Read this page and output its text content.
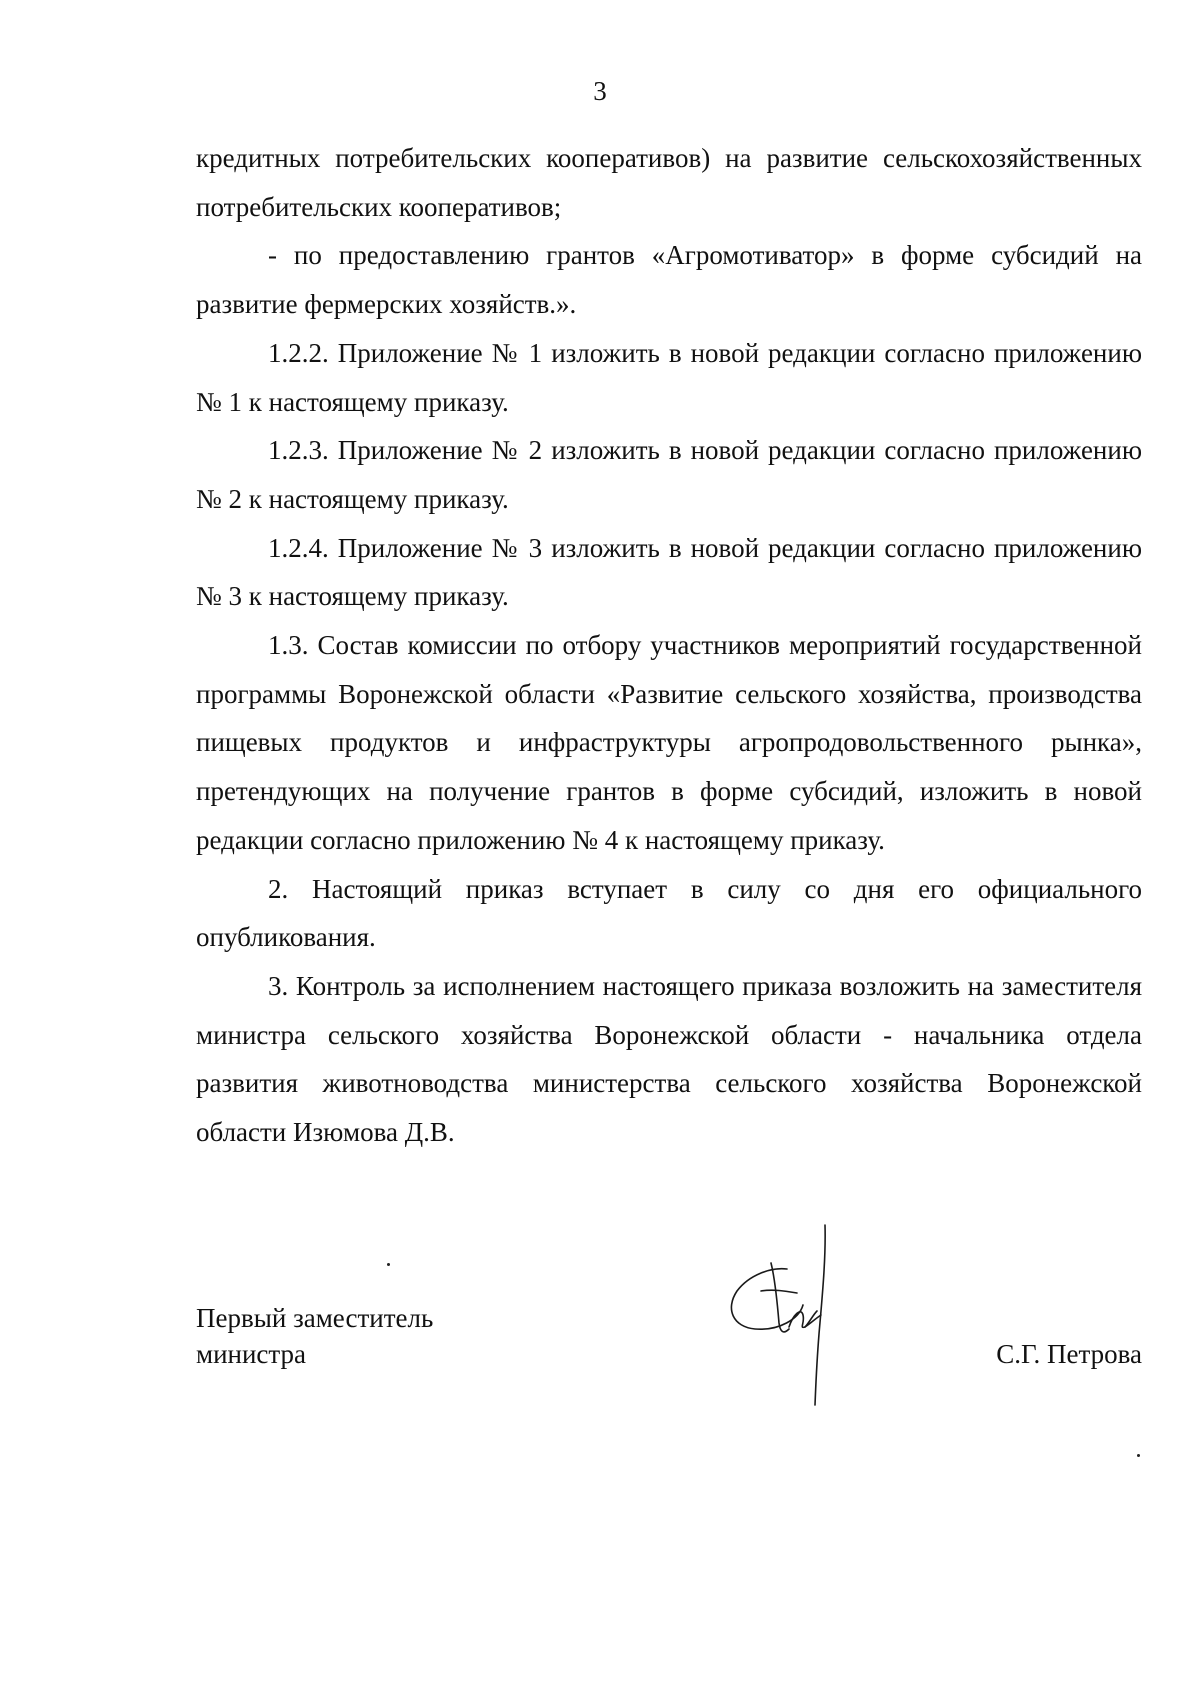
3

кредитных потребительских кооперативов) на развитие сельскохозяйственных потребительских кооперативов;

- по предоставлению грантов «Агромотиватор» в форме субсидий на развитие фермерских хозяйств.».

1.2.2. Приложение № 1 изложить в новой редакции согласно приложению № 1 к настоящему приказу.

1.2.3. Приложение № 2 изложить в новой редакции согласно приложению № 2 к настоящему приказу.

1.2.4. Приложение № 3 изложить в новой редакции согласно приложению № 3 к настоящему приказу.

1.3. Состав комиссии по отбору участников мероприятий государственной программы Воронежской области «Развитие сельского хозяйства, производства пищевых продуктов и инфраструктуры агропродовольственного рынка», претендующих на получение грантов в форме субсидий, изложить в новой редакции согласно приложению № 4 к настоящему приказу.

2. Настоящий приказ вступает в силу со дня его официального опубликования.

3. Контроль за исполнением настоящего приказа возложить на заместителя министра сельского хозяйства Воронежской области - начальника отдела развития животноводства министерства сельского хозяйства Воронежской области Изюмова Д.В.

Первый заместитель
министра	С.Г. Петрова
